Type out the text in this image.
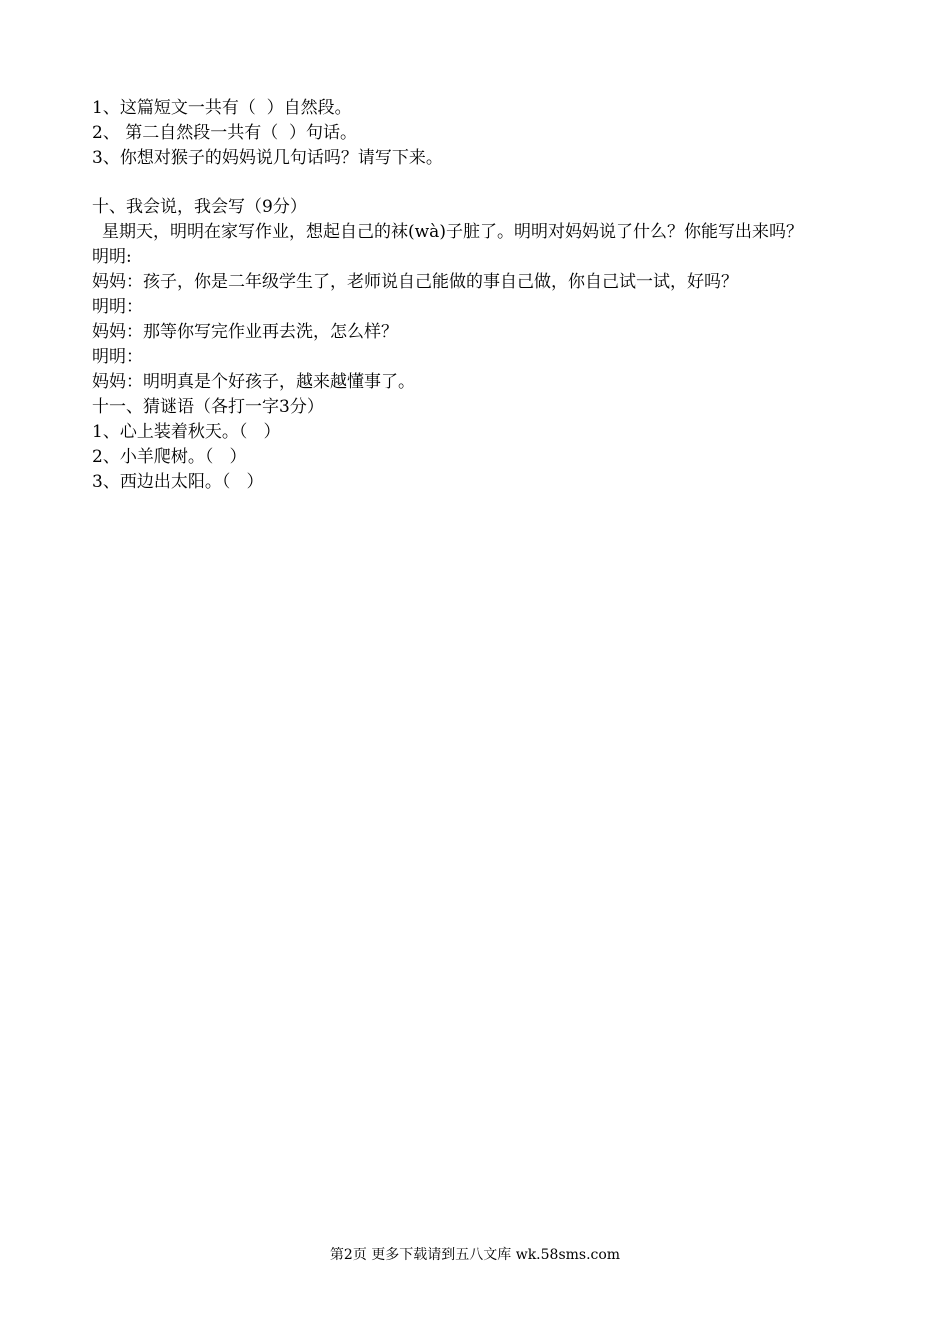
1、这篇短文一共有（  ）自然段。

2、 第二自然段一共有（  ）句话。

3、你想对猴子的妈妈说几句话吗？请写下来。

十、我会说，我会写（9分）

星期天，明明在家写作业，想起自己的袜(wà)子脏了。明明对妈妈说了什么？你能写出来吗？

明明:

妈妈：孩子，你是二年级学生了，老师说自己能做的事自己做，你自己试一试，好吗？

明明：

妈妈：那等你写完作业再去洗，怎么样？

明明：

妈妈：明明真是个好孩子，越来越懂事了。

十一、猜谜语（各打一字3分）

1、心上装着秋天。（   ）

2、小羊爬树。（   ）

3、西边出太阳。（   ）

第2页 更多下载请到五八文库 wk.58sms.com
